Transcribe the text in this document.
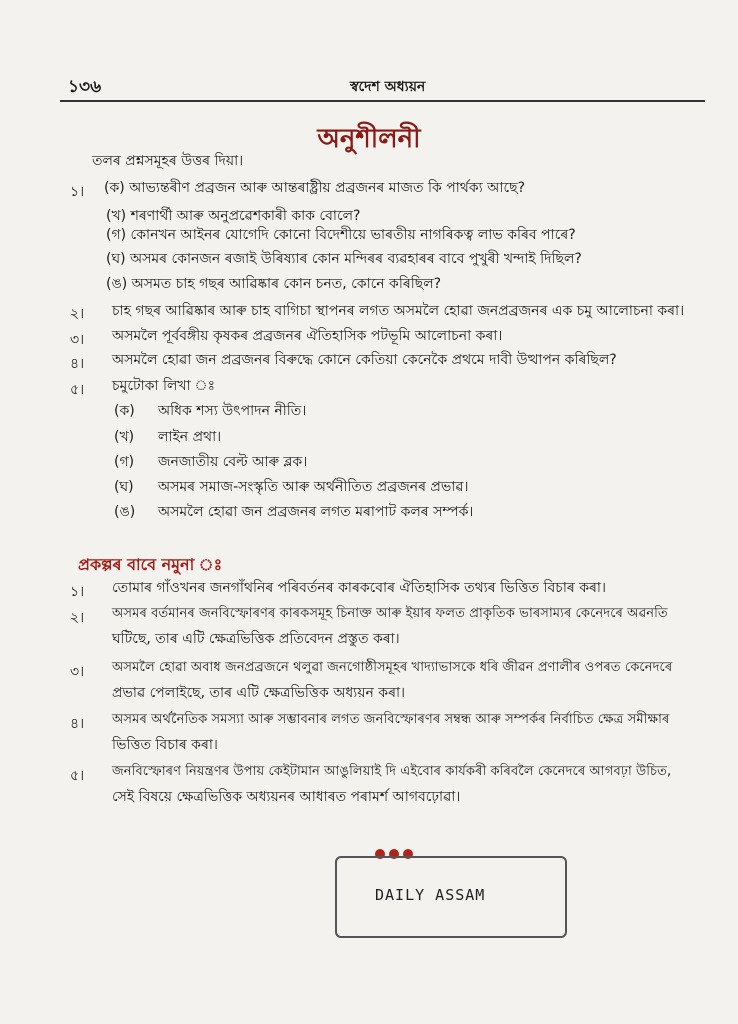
১৩৬	স্বদেশ অধ্যয়ন
অনুশীলনী
তলৰ প্ৰশ্নসমূহৰ উত্তৰ দিয়া।
১। (ক) আভ্যন্তৰীণ প্ৰব্ৰজন আৰু আন্তৰাষ্ট্ৰীয় প্ৰব্ৰজনৰ মাজত কি পাৰ্থক্য আছে?
(খ) শৰণাৰ্থী আৰু অনুপ্ৰৱেশকাৰী কাক বোলে?
(গ) কোনখন আইনৰ যোগেদি কোনো বিদেশীয়ে ভাৰতীয় নাগৰিকত্ব লাভ কৰিব পাৰে?
(ঘ) অসমৰ কোনজন ৰজাই উৰিষ্যাৰ কোন মন্দিৰৰ ব্যৱহাৰৰ বাবে পুখুৰী খন্দাই দিছিল?
(ঙ) অসমত চাহ গছৰ আৱিষ্কাৰ কোন চনত, কোনে কৰিছিল?
২। চাহ গছৰ আৱিষ্কাৰ আৰু চাহ বাগিচা স্থাপনৰ লগত অসমলৈ হোৱা জনপ্ৰব্ৰজনৰ এক চমু আলোচনা কৰা।
৩। অসমলৈ পূৰ্ববঙ্গীয় কৃষকৰ প্ৰব্ৰজনৰ ঐতিহাসিক পটভূমি আলোচনা কৰা।
৪। অসমলৈ হোৱা জন প্ৰব্ৰজনৰ বিৰুদ্ধে কোনে কেতিয়া কেনেকৈ প্ৰথমে দাবী উত্থাপন কৰিছিল?
৫। চমুটোকা লিখা ঃ
(ক) অধিক শস্য উৎপাদন নীতি।
(খ) লাইন প্ৰথা।
(গ) জনজাতীয় বেল্ট আৰু ব্লক।
(ঘ) অসমৰ সমাজ-সংস্কৃতি আৰু অৰ্থনীতিত প্ৰব্ৰজনৰ প্ৰভাৱ।
(ঙ) অসমলৈ হোৱা জন প্ৰব্ৰজনৰ লগত মৰাপাট কলৰ সম্পৰ্ক।
প্ৰকল্পৰ বাবে নমুনা ঃ
১। তোমাৰ গাঁওখনৰ জনগাঁথনিৰ পৰিবৰ্তনৰ কাৰকবোৰ ঐতিহাসিক তথ্যৰ ভিত্তিত বিচাৰ কৰা।
২। অসমৰ বৰ্তমানৰ জনবিস্ফোৰণৰ কাৰকসমূহ চিনাক্ত আৰু ইয়াৰ ফলত প্ৰাকৃতিক ভাৰসাম্যৰ কেনেদৰে অৱনতি
ঘটিছে, তাৰ এটি ক্ষেত্ৰভিত্তিক প্ৰতিবেদন প্ৰস্তুত কৰা।
৩। অসমলৈ হোৱা অবাধ জনপ্ৰব্ৰজনে থলুৱা জনগোষ্ঠীসমূহৰ খাদ্যাভাসকে ধৰি জীৱন প্ৰণালীৰ ওপৰত কেনেদৰে
প্ৰভাৱ পেলাইছে, তাৰ এটি ক্ষেত্ৰভিত্তিক অধ্যয়ন কৰা।
৪। অসমৰ অৰ্থনৈতিক সমস্যা আৰু সম্ভাবনাৰ লগত জনবিস্ফোৰণৰ সম্বন্ধ আৰু সম্পৰ্কৰ নিৰ্বাচিত ক্ষেত্ৰ সমীক্ষাৰ
ভিত্তিত বিচাৰ কৰা।
৫। জনবিস্ফোৰণ নিয়ন্ত্ৰণৰ উপায় কেইটামান আঙুলিয়াই দি এইবোৰ কাৰ্যকৰী কৰিবলৈ কেনেদৰে আগবঢ়া উচিত,
সেই বিষয়ে ক্ষেত্ৰভিত্তিক অধ্যয়নৰ আধাৰত পৰামৰ্শ আগবঢ়োৱা।
DAILY ASSAM
